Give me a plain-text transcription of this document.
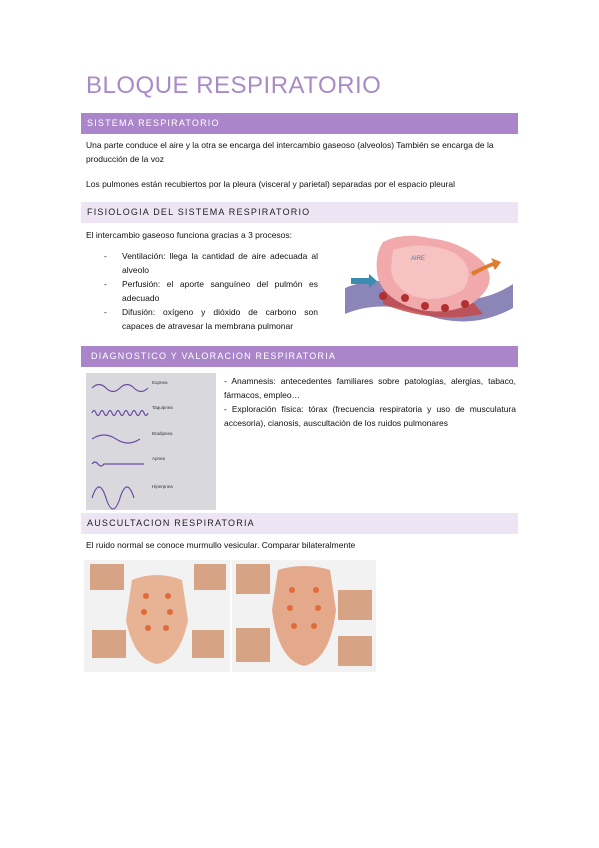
BLOQUE RESPIRATORIO
SISTEMA RESPIRATORIO
Una parte conduce el aire y la otra se encarga del intercambio gaseoso (alveolos) También se encarga de la producción de la voz
Los pulmones están recubiertos por la pleura (visceral y parietal) separadas por el espacio pleural
FISIOLOGIA DEL SISTEMA RESPIRATORIO
El intercambio gaseoso funciona gracias a 3 procesos:
- Ventilación: llega la cantidad de aire adecuada al alveolo
- Perfusión: el aporte sanguíneo del pulmón es adecuado
- Difusión: oxígeno y dióxido de carbono son capaces de atravesar la membrana pulmonar
AIRE
DIAGNOSTICO Y VALORACION RESPIRATORIA
Eupnea
Taquipnea
Bradipnea
Apnea
Hiperpnea
- Anamnesis: antecedentes familiares sobre patologías, alergias, tabaco, fármacos, empleo…
- Exploración física: tórax (frecuencia respiratoria y uso de musculatura accesoria), cianosis, auscultación de los ruidos pulmonares
AUSCULTACION RESPIRATORIA
El ruido normal se conoce murmullo vesicular. Comparar bilateralmente
